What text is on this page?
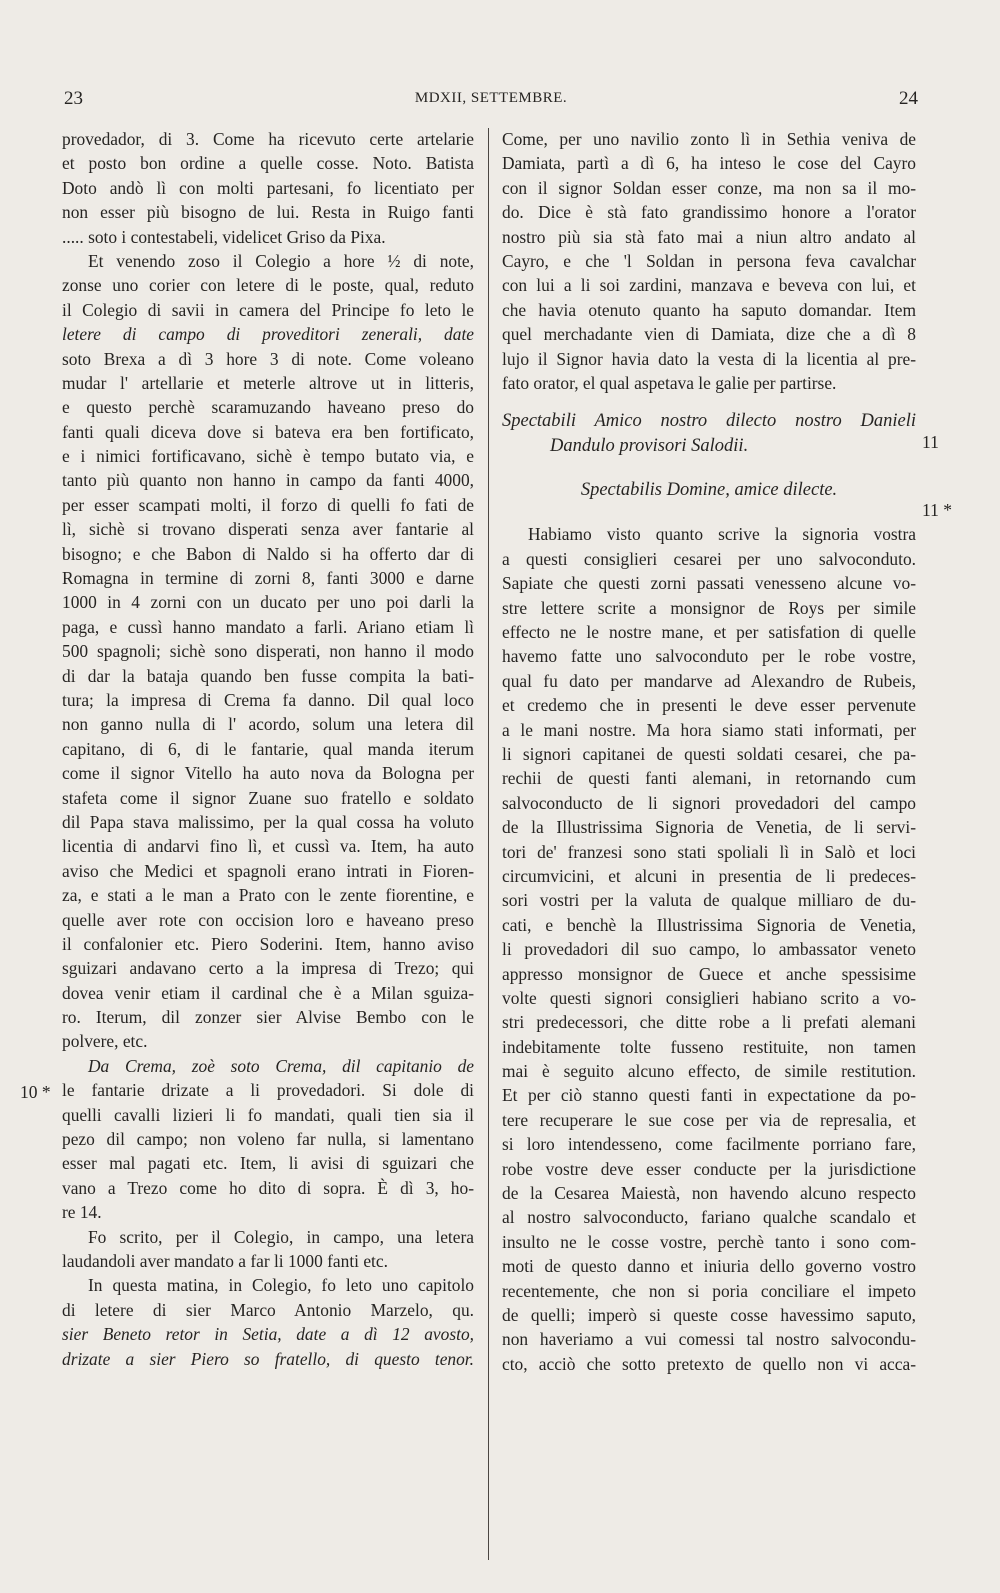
23	MDXII, SETTEMBRE.	24
provedador, di 3. Come ha ricevuto certe artelarie
et posto bon ordine a quelle cosse. Noto. Batista
Doto andò lì con molti partesani, fo licentiato per
non esser più bisogno de lui. Resta in Ruigo fanti
..... soto i contestabeli, videlicet Griso da Pixa.
Et venendo zoso il Colegio a hore ½ di note,
zonse uno corier con letere di le poste, qual, reduto
il Colegio di savii in camera del Principe fo leto le
letere di campo di proveditori zenerali, date
soto Brexa a dì 3 hore 3 di note. Come voleano
mudar l' artellarie et meterle altrove ut in litteris,
e questo perchè scaramuzando haveano preso do
fanti quali diceva dove si bateva era ben fortificato,
e i nimici fortificavano, sichè è tempo butato via, e
tanto più quanto non hanno in campo da fanti 4000,
per esser scampati molti, il forzo di quelli fo fati de
lì, sichè si trovano disperati senza aver fantarie al
bisogno; e che Babon di Naldo si ha offerto dar di
Romagna in termine di zorni 8, fanti 3000 e darne
1000 in 4 zorni con un ducato per uno poi darli la
paga, e cussì hanno mandato a farli. Ariano etiam lì
500 spagnoli; sichè sono disperati, non hanno il modo
di dar la bataja quando ben fusse compita la bati-
tura; la impresa di Crema fa danno. Dil qual loco
non ganno nulla di l' acordo, solum una letera dil
capitano, di 6, di le fantarie, qual manda iterum
come il signor Vitello ha auto nova da Bologna per
stafeta come il signor Zuane suo fratello e soldato
dil Papa stava malissimo, per la qual cossa ha voluto
licentia di andarvi fino lì, et cussì va. Item, ha auto
aviso che Medici et spagnoli erano intrati in Fioren-
za, e stati a le man a Prato con le zente fiorentine, e
quelle aver rote con occision loro e haveano preso
il confalonier etc. Piero Soderini. Item, hanno aviso
sguizari andavano certo a la impresa di Trezo; qui
dovea venir etiam il cardinal che è a Milan sguiza-
ro. Iterum, dil zonzer sier Alvise Bembo con le
polvere, etc.
Da Crema, zoè soto Crema, dil capitanio de
le fantarie drizate a li provedadori. Si dole di
quelli cavalli lizieri li fo mandati, quali tien sia il
pezo dil campo; non voleno far nulla, si lamentano
esser mal pagati etc. Item, li avisi di sguizari che
vano a Trezo come ho dito di sopra. È dì 3, ho-
re 14.
Fo scrito, per il Colegio, in campo, una letera
laudandoli aver mandato a far li 1000 fanti etc.
In questa matina, in Colegio, fo leto uno capitolo
di letere di sier Marco Antonio Marzelo, qu.
sier Beneto retor in Setia, date a dì 12 avosto,
drizate a sier Piero so fratello, di questo tenor.
Come, per uno navilio zonto lì in Sethia veniva de
Damiata, partì a dì 6, ha inteso le cose del Cayro
con il signor Soldan esser conze, ma non sa il mo-
do. Dice è stà fato grandissimo honore a l'orator
nostro più sia stà fato mai a niun altro andato al
Cayro, e che 'l Soldan in persona feva cavalchar
con lui a li soi zardini, manzava e beveva con lui, et
che havia otenuto quanto ha saputo domandar. Item
quel merchadante vien di Damiata, dize che a dì 8
lujo il Signor havia dato la vesta di la licentia al pre-
fato orator, el qual aspetava le galie per partirse.
Spectabili Amico nostro dilecto nostro Danieli
Dandulo provisori Salodii.
Spectabilis Domine, amice dilecte.
Habiamo visto quanto scrive la signoria vostra
a questi consiglieri cesarei per uno salvoconduto.
Sapiate che questi zorni passati venesseno alcune vo-
stre lettere scrite a monsignor de Roys per simile
effecto ne le nostre mane, et per satisfation di quelle
havemo fatte uno salvoconduto per le robe vostre,
qual fu dato per mandarve ad Alexandro de Rubeis,
et credemo che in presenti le deve esser pervenute
a le mani nostre. Ma hora siamo stati informati, per
li signori capitanei de questi soldati cesarei, che pa-
rechii de questi fanti alemani, in retornando cum
salvoconducto de li signori provedadori del campo
de la Illustrissima Signoria de Venetia, de li servi-
tori de' franzesi sono stati spoliali lì in Salò et loci
circumvicini, et alcuni in presentia de li predeces-
sori vostri per la valuta de qualque milliaro de du-
cati, e benchè la Illustrissima Signoria de Venetia,
li provedadori dil suo campo, lo ambassator veneto
appresso monsignor de Guece et anche spessisime
volte questi signori consiglieri habiano scrito a vo-
stri predecessori, che ditte robe a li prefati alemani
indebitamente tolte fusseno restituite, non tamen
mai è seguito alcuno effecto, de simile restitution.
Et per ciò stanno questi fanti in expectatione da po-
tere recuperare le sue cose per via de represalia, et
si loro intendesseno, come facilmente porriano fare,
robe vostre deve esser conducte per la jurisdictione
de la Cesarea Maiestà, non havendo alcuno respecto
al nostro salvoconducto, fariano qualche scandalo et
insulto ne le cosse vostre, perchè tanto i sono com-
moti de questo danno et iniuria dello governo vostro
recentemente, che non si poria conciliare el impeto
de quelli; imperò si queste cosse havessimo saputo,
non haveriamo a vui comessi tal nostro salvocondu-
cto, acciò che sotto pretexto de quello non vi acca-
10 *
11
11 *
